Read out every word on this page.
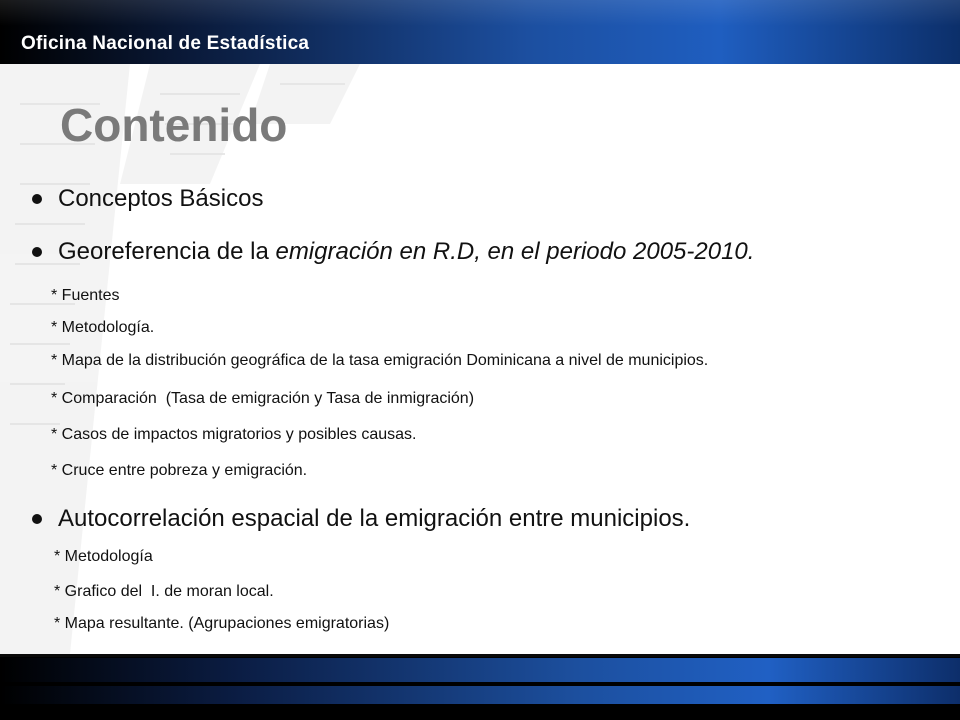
Oficina Nacional de Estadística
Contenido
Conceptos Básicos
Georeferencia de la emigración en R.D, en el periodo 2005-2010.
* Fuentes
* Metodología.
* Mapa de la distribución geográfica de la tasa emigración Dominicana a nivel de municipios.
* Comparación  (Tasa de emigración y Tasa de inmigración)
* Casos de impactos migratorios y posibles causas.
* Cruce entre pobreza y emigración.
Autocorrelación espacial de la emigración entre municipios.
* Metodología
* Grafico del  I. de moran local.
* Mapa resultante. (Agrupaciones emigratorias)
